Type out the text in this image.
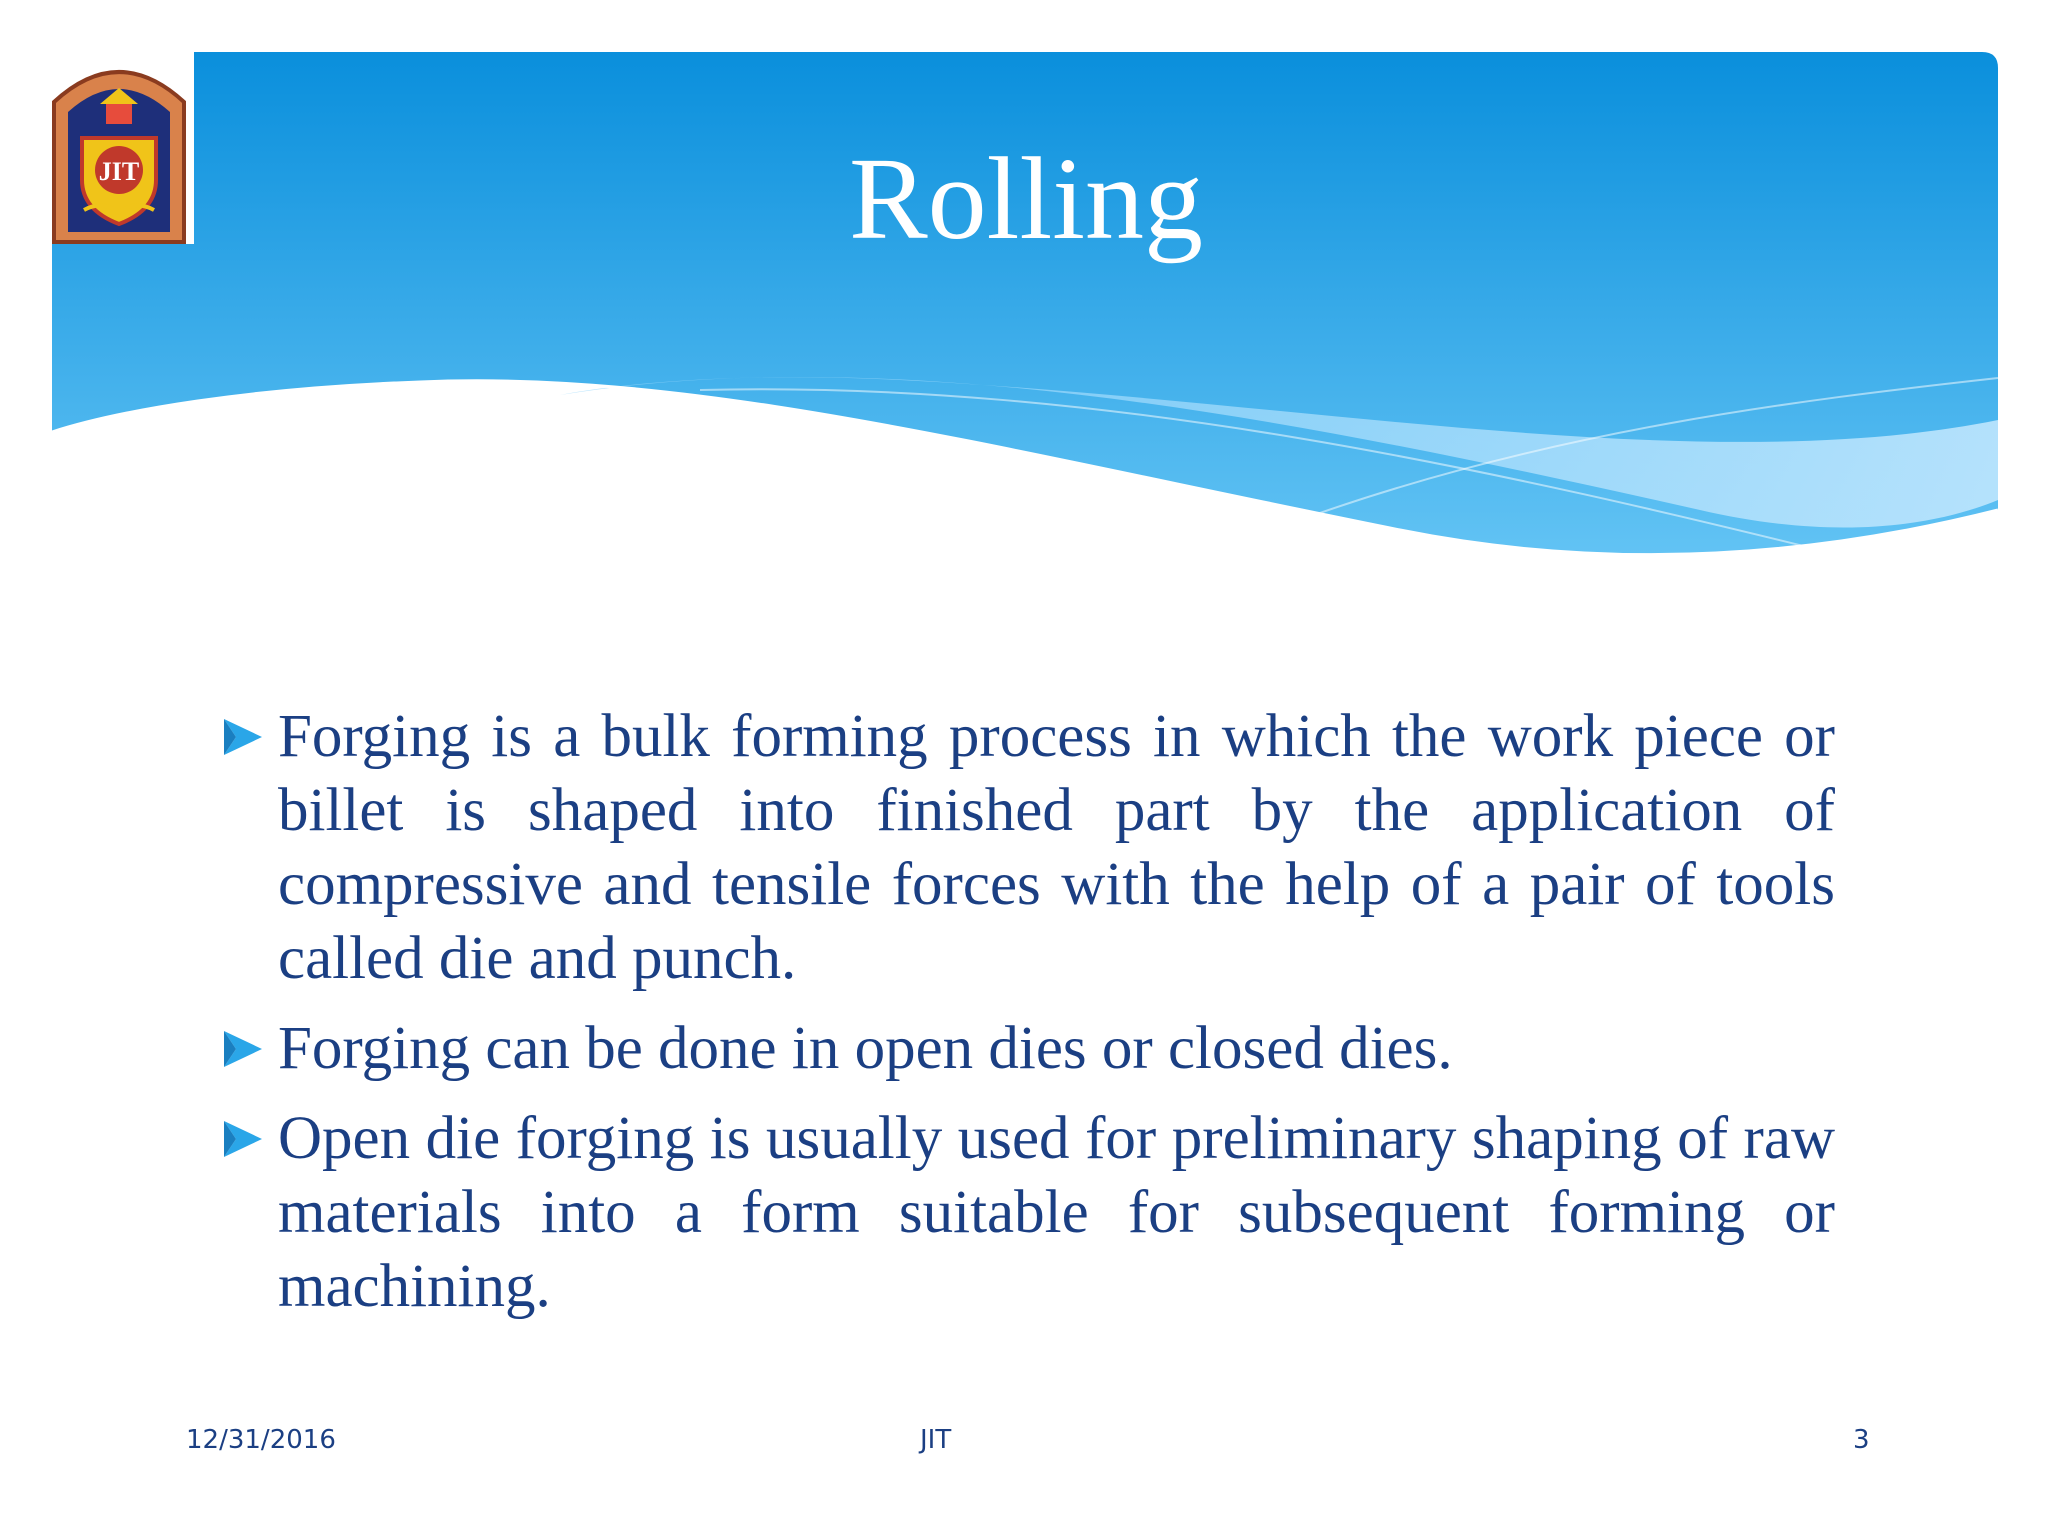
JIT	Rolling
Forging is a bulk forming process in which the work piece or billet is shaped into finished part by the application of compressive and tensile forces with the help of a pair of tools called die and punch.
Forging can be done in open dies or closed dies.
Open die forging is usually used for preliminary shaping of raw materials into a form suitable for subsequent forming or machining.
12/31/2016	JIT	3
